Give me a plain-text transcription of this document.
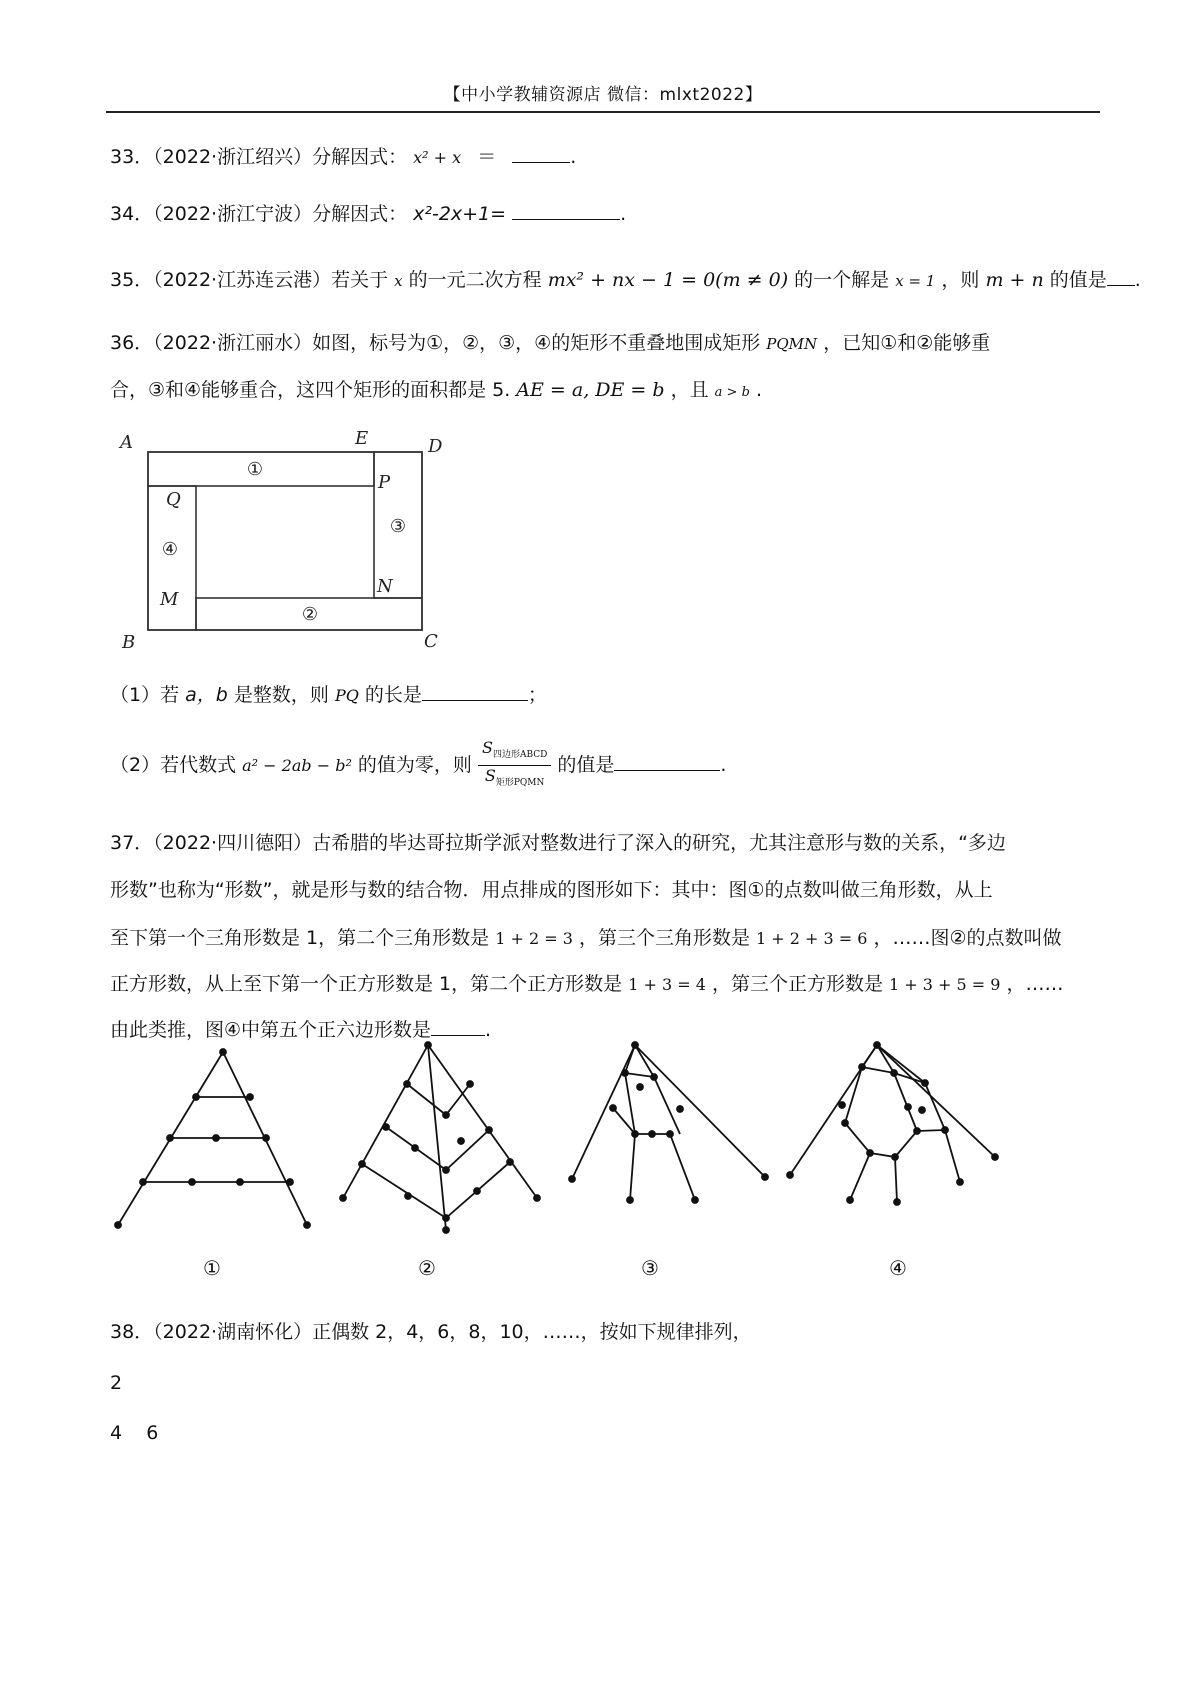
【中小学教辅资源店 微信：mlxt2022】
33．（2022·浙江绍兴）分解因式： x² + x ＝	.
34．（2022·浙江宁波）分解因式： x²-2x+1=	.
35．（2022·江苏连云港）若关于 x 的一元二次方程 mx² + nx − 1 = 0(m ≠ 0) 的一个解是 x = 1 ，则 m + n 的值是 .
36．（2022·浙江丽水）如图，标号为①，②，③，④的矩形不重叠地围成矩形 PQMN ，已知①和②能够重
合，③和④能够重合，这四个矩形的面积都是 5. AE = a, DE = b ，且 a > b .
A	E	D
B	C
P
Q
M
N
①
②
③
④
（1）若 a，b 是整数，则 PQ 的长是	；
（2）若代数式 a² − 2ab − b² 的值为零，则 $\frac{S_{四边形ABCD}}{S_{矩形PQMN}}$ 的值是	.
37．（2022·四川德阳）古希腊的毕达哥拉斯学派对整数进行了深入的研究，尤其注意形与数的关系，“多边
形数”也称为“形数”，就是形与数的结合物．用点排成的图形如下：其中：图①的点数叫做三角形数，从上
至下第一个三角形数是 1，第二个三角形数是 1 + 2 = 3 ，第三个三角形数是 1 + 2 + 3 = 6 ，……图②的点数叫做
正方形数，从上至下第一个正方形数是 1，第二个正方形数是 1 + 3 = 4 ，第三个正方形数是 1 + 3 + 5 = 9 ，……
由此类推，图④中第五个正六边形数是	.
①	②	③	④
38．（2022·湖南怀化）正偶数 2，4，6，8，10，……，按如下规律排列，
2
4    6
